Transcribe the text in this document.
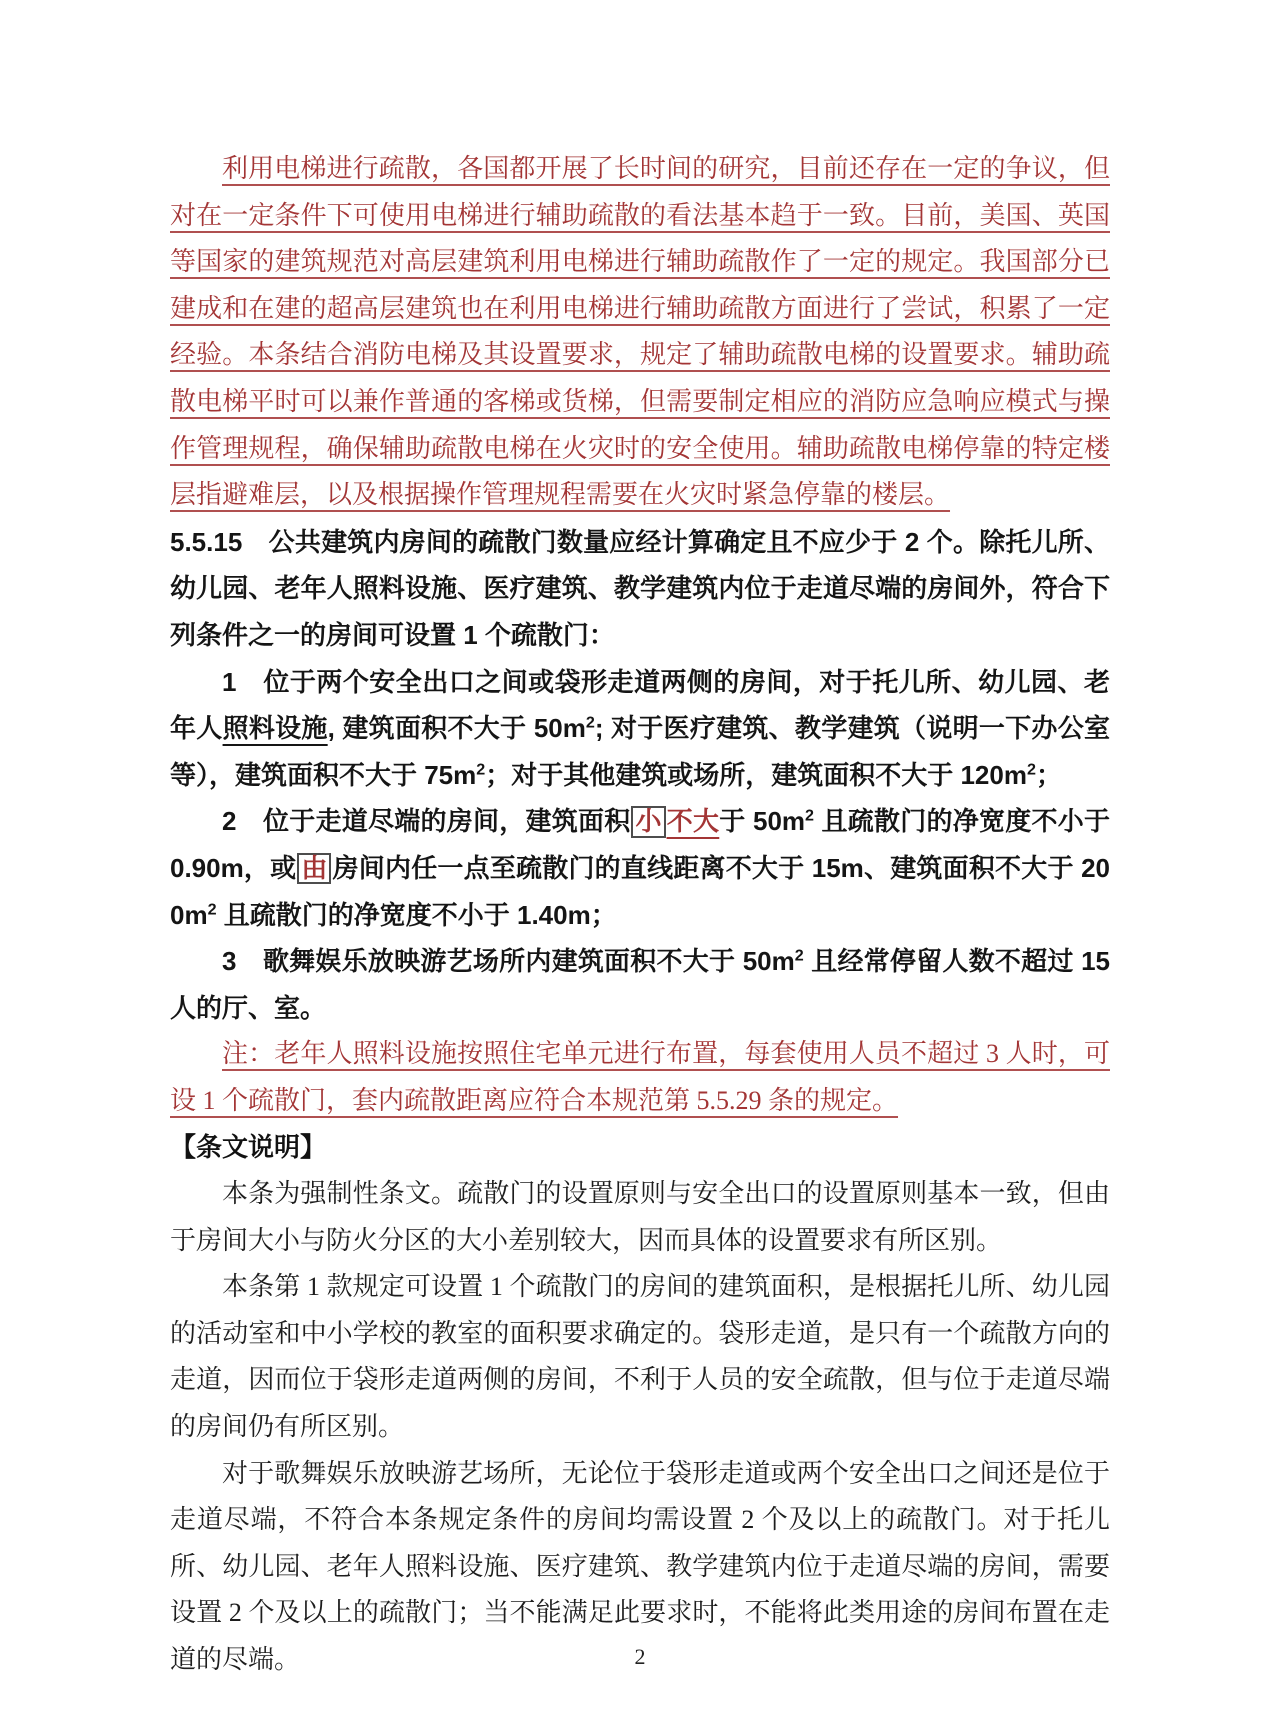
利用电梯进行疏散，各国都开展了长时间的研究，目前还存在一定的争议，但对在一定条件下可使用电梯进行辅助疏散的看法基本趋于一致。目前，美国、英国等国家的建筑规范对高层建筑利用电梯进行辅助疏散作了一定的规定。我国部分已建成和在建的超高层建筑也在利用电梯进行辅助疏散方面进行了尝试，积累了一定经验。本条结合消防电梯及其设置要求，规定了辅助疏散电梯的设置要求。辅助疏散电梯平时可以兼作普通的客梯或货梯，但需要制定相应的消防应急响应模式与操作管理规程，确保辅助疏散电梯在火灾时的安全使用。辅助疏散电梯停靠的特定楼层指避难层，以及根据操作管理规程需要在火灾时紧急停靠的楼层。

5.5.15　公共建筑内房间的疏散门数量应经计算确定且不应少于 2 个。除托儿所、幼儿园、老年人照料设施、医疗建筑、教学建筑内位于走道尽端的房间外，符合下列条件之一的房间可设置 1 个疏散门：

1　位于两个安全出口之间或袋形走道两侧的房间，对于托儿所、幼儿园、老年人照料设施, 建筑面积不大于 $50m^2$; 对于医疗建筑、教学建筑（说明一下办公室等），建筑面积不大于 $75m^2$；对于其他建筑或场所，建筑面积不大于 $120m^2$；

2　位于走道尽端的房间，建筑面积 小 不大于 $50m^2$ 且疏散门的净宽度不小于 0.90m，或 由 房间内任一点至疏散门的直线距离不大于 15m、建筑面积不大于 $200m^2$ 且疏散门的净宽度不小于 1.40m；

3　歌舞娱乐放映游艺场所内建筑面积不大于 $50m^2$ 且经常停留人数不超过 15 人的厅、室。

注：老年人照料设施按照住宅单元进行布置，每套使用人员不超过 3 人时，可设 1 个疏散门，套内疏散距离应符合本规范第 5.5.29 条的规定。

【条文说明】

本条为强制性条文。疏散门的设置原则与安全出口的设置原则基本一致，但由于房间大小与防火分区的大小差别较大，因而具体的设置要求有所区别。

本条第 1 款规定可设置 1 个疏散门的房间的建筑面积，是根据托儿所、幼儿园的活动室和中小学校的教室的面积要求确定的。袋形走道，是只有一个疏散方向的走道，因而位于袋形走道两侧的房间，不利于人员的安全疏散，但与位于走道尽端的房间仍有所区别。

对于歌舞娱乐放映游艺场所，无论位于袋形走道或两个安全出口之间还是位于走道尽端，不符合本条规定条件的房间均需设置 2 个及以上的疏散门。对于托儿所、幼儿园、老年人照料设施、医疗建筑、教学建筑内位于走道尽端的房间，需要设置 2 个及以上的疏散门；当不能满足此要求时，不能将此类用途的房间布置在走道的尽端。	2
